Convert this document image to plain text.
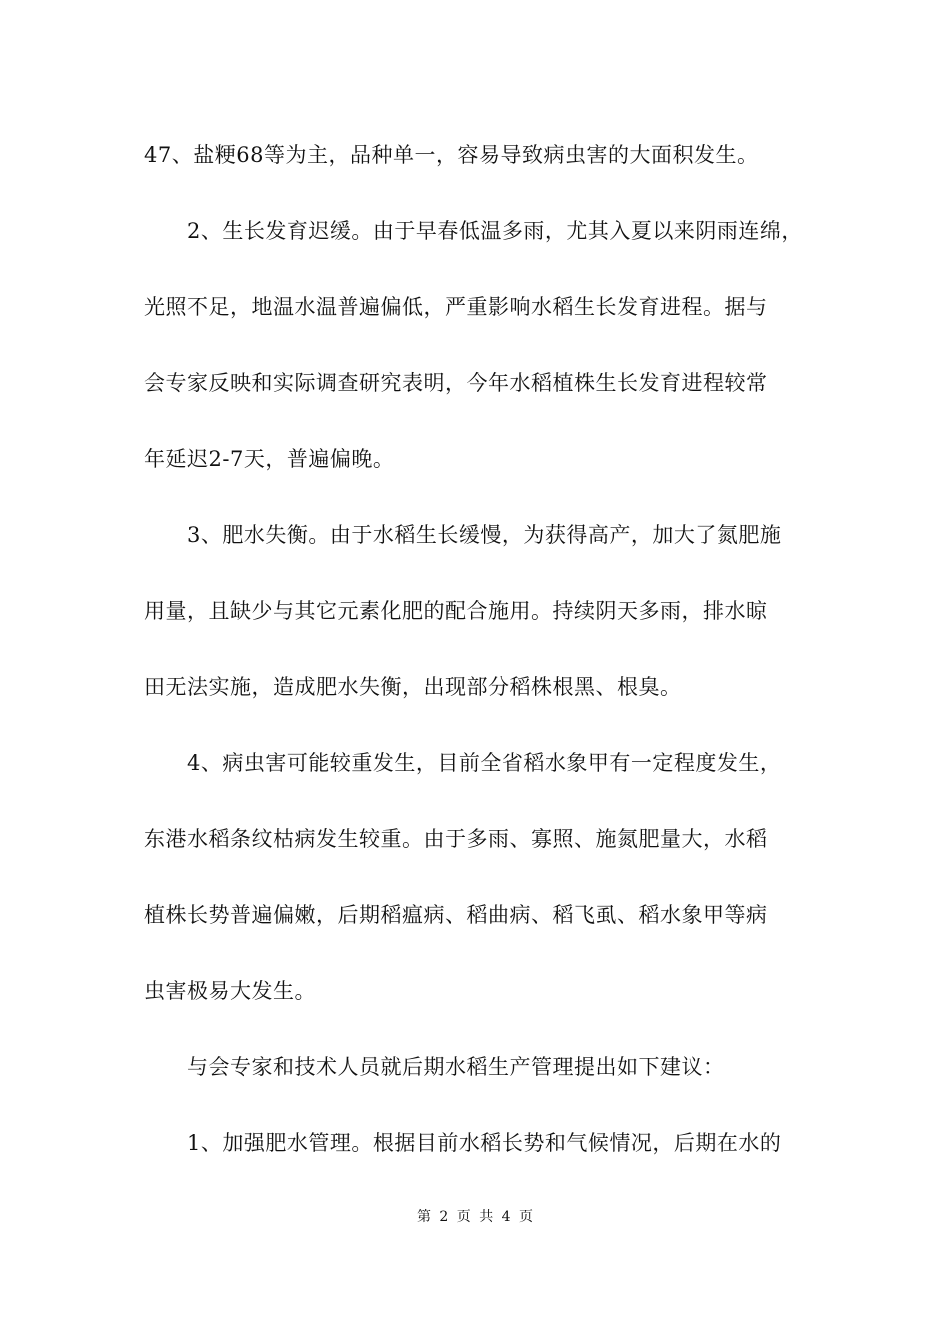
47、盐粳68等为主，品种单一，容易导致病虫害的大面积发生。
2、生长发育迟缓。由于早春低温多雨，尤其入夏以来阴雨连绵，
光照不足，地温水温普遍偏低，严重影响水稻生长发育进程。据与
会专家反映和实际调查研究表明，今年水稻植株生长发育进程较常
年延迟2-7天，普遍偏晚。
3、肥水失衡。由于水稻生长缓慢，为获得高产，加大了氮肥施
用量，且缺少与其它元素化肥的配合施用。持续阴天多雨，排水晾
田无法实施，造成肥水失衡，出现部分稻株根黑、根臭。
4、病虫害可能较重发生，目前全省稻水象甲有一定程度发生，
东港水稻条纹枯病发生较重。由于多雨、寡照、施氮肥量大，水稻
植株长势普遍偏嫩，后期稻瘟病、稻曲病、稻飞虱、稻水象甲等病
虫害极易大发生。
与会专家和技术人员就后期水稻生产管理提出如下建议：
1、加强肥水管理。根据目前水稻长势和气候情况，后期在水的
第 2 页 共 4 页
